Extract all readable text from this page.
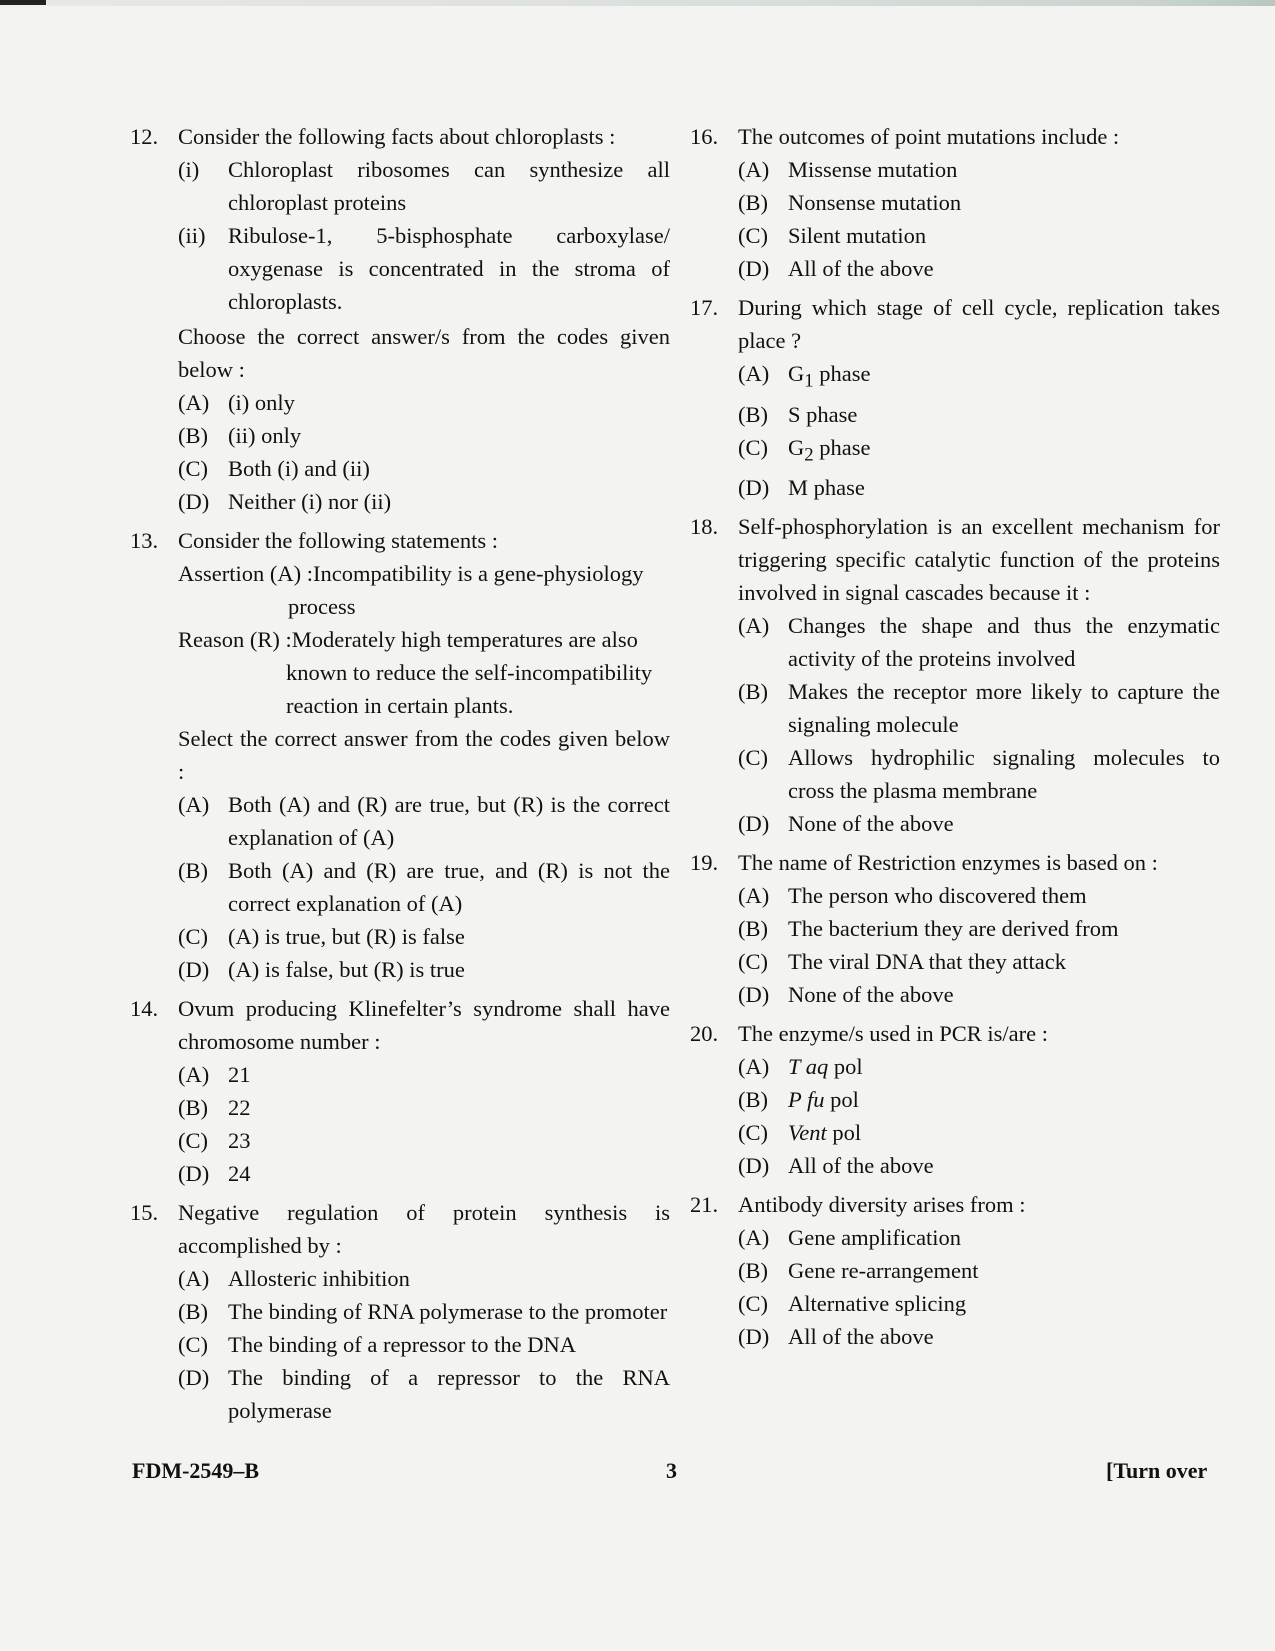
12. Consider the following facts about chloroplasts :
(i)	Chloroplast ribosomes can synthesize all chloroplast proteins
(ii)	Ribulose-1, 5-bisphosphate carboxylase/ oxygenase is concentrated in the stroma of chloroplasts.
Choose the correct answer/s from the codes given below :
(A) (i) only
(B) (ii) only
(C) Both (i) and (ii)
(D) Neither (i) nor (ii)
13. Consider the following statements :
Assertion (A) : Incompatibility is a gene-physiology
process
Reason (R) : Moderately high temperatures are also
known to reduce the self-incompatibility
reaction in certain plants.
Select the correct answer from the codes given below :
(A) Both (A) and (R) are true, but (R) is the correct explanation of (A)
(B) Both (A) and (R) are true, and (R) is not the correct explanation of (A)
(C) (A) is true, but (R) is false
(D) (A) is false, but (R) is true
14. Ovum producing Klinefelter’s syndrome shall have chromosome number :
(A) 21
(B) 22
(C) 23
(D) 24
15. Negative regulation of protein synthesis is accomplished by :
(A) Allosteric inhibition
(B) The binding of RNA polymerase to the promoter
(C) The binding of a repressor to the DNA
(D) The binding of a repressor to the RNA polymerase
16. The outcomes of point mutations include :
(A) Missense mutation
(B) Nonsense mutation
(C) Silent mutation
(D) All of the above
17. During which stage of cell cycle, replication takes place ?
(A) $G_1$ phase
(B) S phase
(C) $G_2$ phase
(D) M phase
18. Self-phosphorylation is an excellent mechanism for triggering specific catalytic function of the proteins involved in signal cascades because it :
(A) Changes the shape and thus the enzymatic activity of the proteins involved
(B) Makes the receptor more likely to capture the signaling molecule
(C) Allows hydrophilic signaling molecules to cross the plasma membrane
(D) None of the above
19. The name of Restriction enzymes is based on :
(A) The person who discovered them
(B) The bacterium they are derived from
(C) The viral DNA that they attack
(D) None of the above
20. The enzyme/s used in PCR is/are :
(A) T aq pol
(B) P fu pol
(C) Vent pol
(D) All of the above
21. Antibody diversity arises from :
(A) Gene amplification
(B) Gene re-arrangement
(C) Alternative splicing
(D) All of the above
FDM-2549–B	3	[Turn over
